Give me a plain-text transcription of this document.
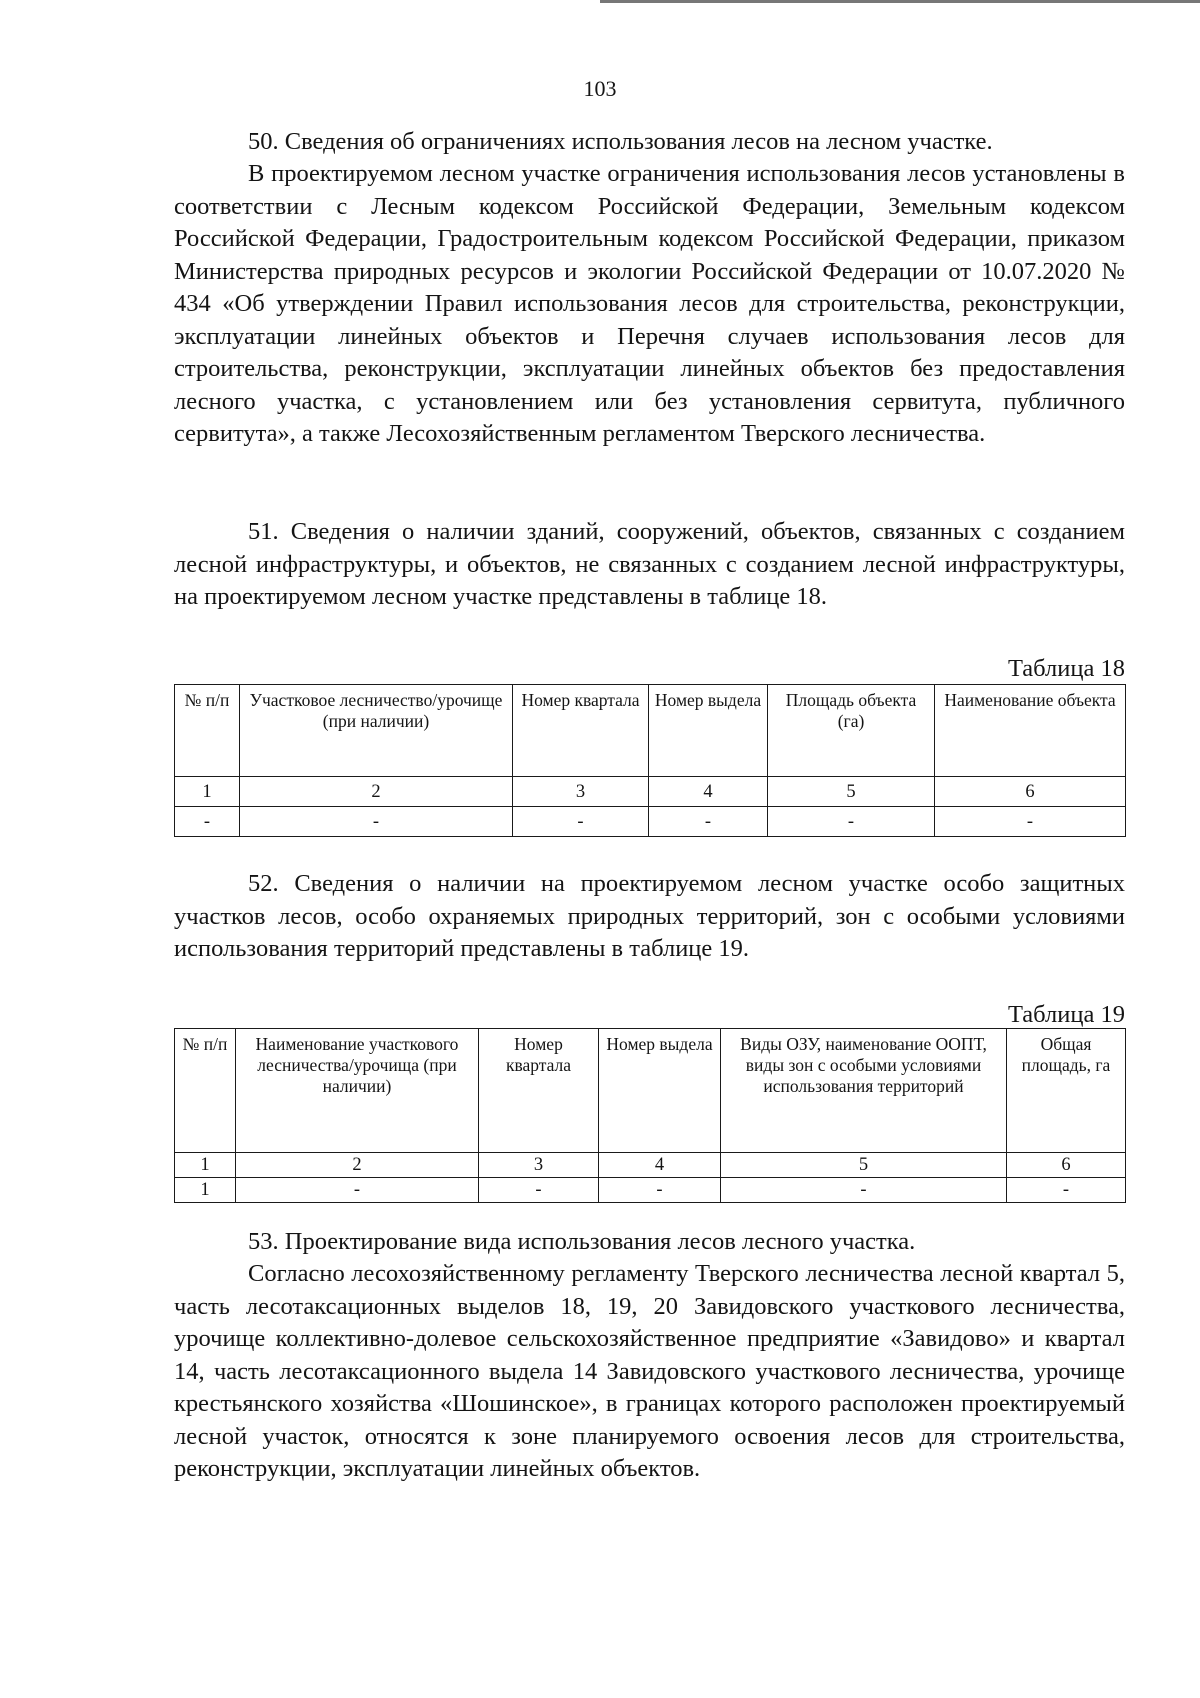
103

50. Сведения об ограничениях использования лесов на лесном участке.

В проектируемом лесном участке ограничения использования лесов установлены в соответствии с Лесным кодексом Российской Федерации, Земельным кодексом Российской Федерации, Градостроительным кодексом Российской Федерации, приказом Министерства природных ресурсов и экологии Российской Федерации от 10.07.2020 № 434 «Об утверждении Правил использования лесов для строительства, реконструкции, эксплуатации линейных объектов и Перечня случаев использования лесов для строительства, реконструкции, эксплуатации линейных объектов без предоставления лесного участка, с установлением или без установления сервитута, публичного сервитута», а также Лесохозяйственным регламентом Тверского лесничества.

51. Сведения о наличии зданий, сооружений, объектов, связанных с созданием лесной инфраструктуры, и объектов, не связанных с созданием лесной инфраструктуры, на проектируемом лесном участке представлены в таблице 18.

Таблица 18
№ п/п	Участковое лесничество/урочище (при наличии)	Номер квартала	Номер выдела	Площадь объекта (га)	Наименование объекта
1	2	3	4	5	6
-	-	-	-	-	-

52. Сведения о наличии на проектируемом лесном участке особо защитных участков лесов, особо охраняемых природных территорий, зон с особыми условиями использования территорий представлены в таблице 19.

Таблица 19
№ п/п	Наименование участкового лесничества/урочища (при наличии)	Номер квартала	Номер выдела	Виды ОЗУ, наименование ООПТ, виды зон с особыми условиями использования территорий	Общая площадь, га
1	2	3	4	5	6
1	-	-	-	-	-

53. Проектирование вида использования лесов лесного участка.

Согласно лесохозяйственному регламенту Тверского лесничества лесной квартал 5, часть лесотаксационных выделов 18, 19, 20 Завидовского участкового лесничества, урочище коллективно-долевое сельскохозяйственное предприятие «Завидово» и квартал 14, часть лесотаксационного выдела 14 Завидовского участкового лесничества, урочище крестьянского хозяйства «Шошинское», в границах которого расположен проектируемый лесной участок, относятся к зоне планируемого освоения лесов для строительства, реконструкции, эксплуатации линейных объектов.
